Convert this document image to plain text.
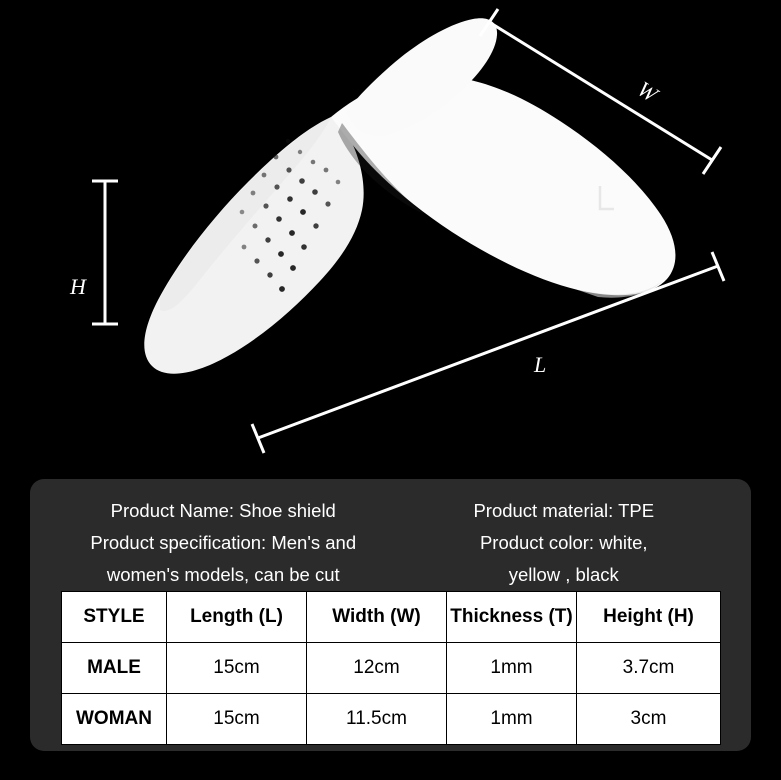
H
W
L
Product Name: Shoe shield
Product specification: Men's and
women's models, can be cut
Product material: TPE
Product color: white,
yellow , black
STYLE	Length (L)	Width (W)	Thickness (T)	Height (H)
MALE	15cm	12cm	1mm	3.7cm
WOMAN	15cm	11.5cm	1mm	3cm
